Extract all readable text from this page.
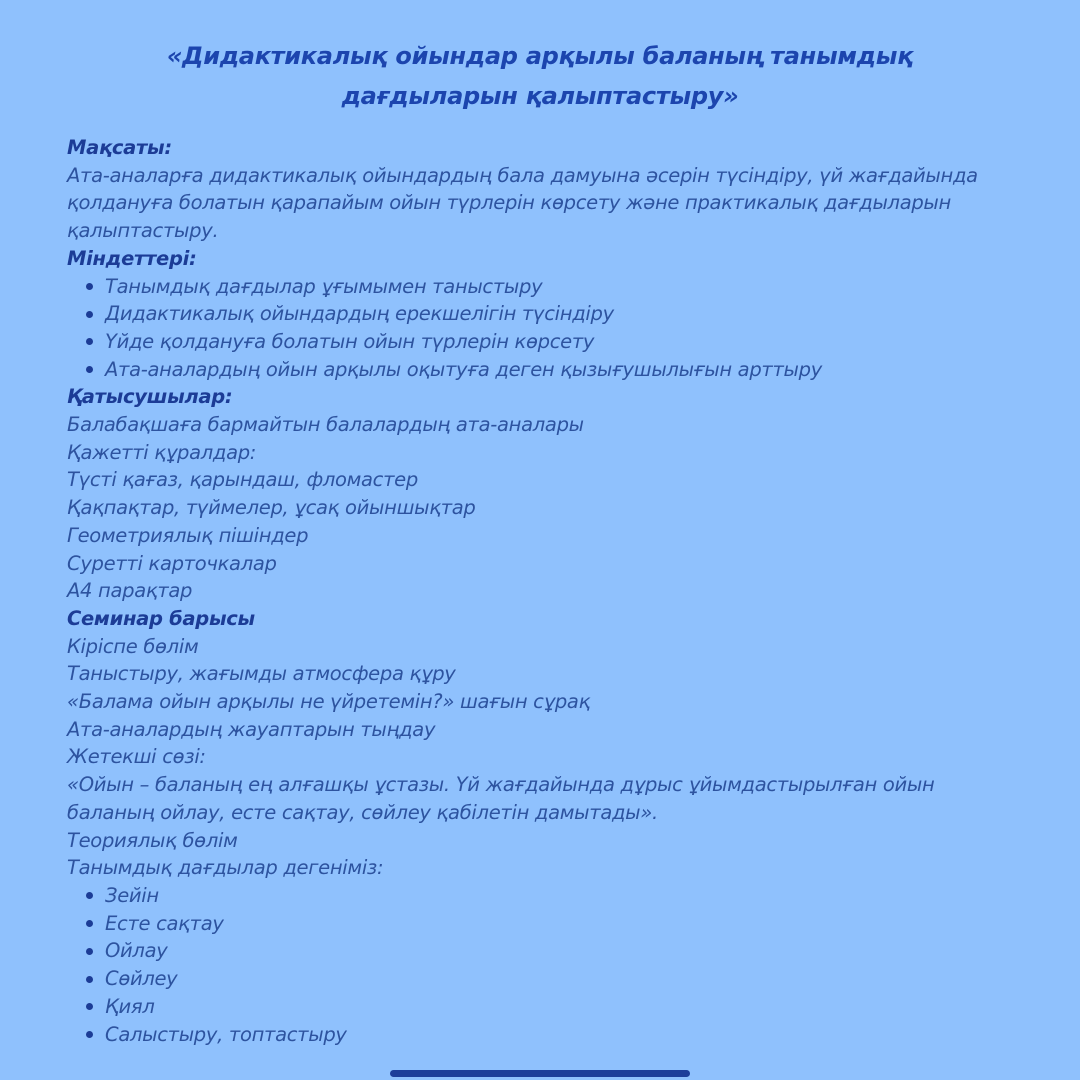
«Дидактикалық ойындар арқылы баланың танымдық дағдыларын қалыптастыру»
Мақсаты:
Ата-аналарға дидактикалық ойындардың бала дамуына әсерін түсіндіру, үй жағдайында қолдануға болатын қарапайым ойын түрлерін көрсету және практикалық дағдыларын қалыптастыру.
Міндеттері:
Танымдық дағдылар ұғымымен таныстыру
Дидактикалық ойындардың ерекшелігін түсіндіру
Үйде қолдануға болатын ойын түрлерін көрсету
Ата-аналардың ойын арқылы оқытуға деген қызығушылығын арттыру
Қатысушылар:
Балабақшаға бармайтын балалардың ата-аналары
Қажетті құралдар:
Түсті қағаз, қарындаш, фломастер
Қақпақтар, түймелер, ұсақ ойыншықтар
Геометриялық пішіндер
Суретті карточкалар
А4 парақтар
Семинар барысы
Кіріспе бөлім
Таныстыру, жағымды атмосфера құру
«Балама ойын арқылы не үйретемін?» шағын сұрақ
Ата-аналардың жауаптарын тыңдау
Жетекші сөзі:
«Ойын – баланың ең алғашқы ұстазы. Үй жағдайында дұрыс ұйымдастырылған ойын баланың ойлау, есте сақтау, сөйлеу қабілетін дамытады».
Теориялық бөлім
Танымдық дағдылар дегеніміз:
Зейін
Есте сақтау
Ойлау
Сөйлеу
Қиял
Салыстыру, топтастыру
